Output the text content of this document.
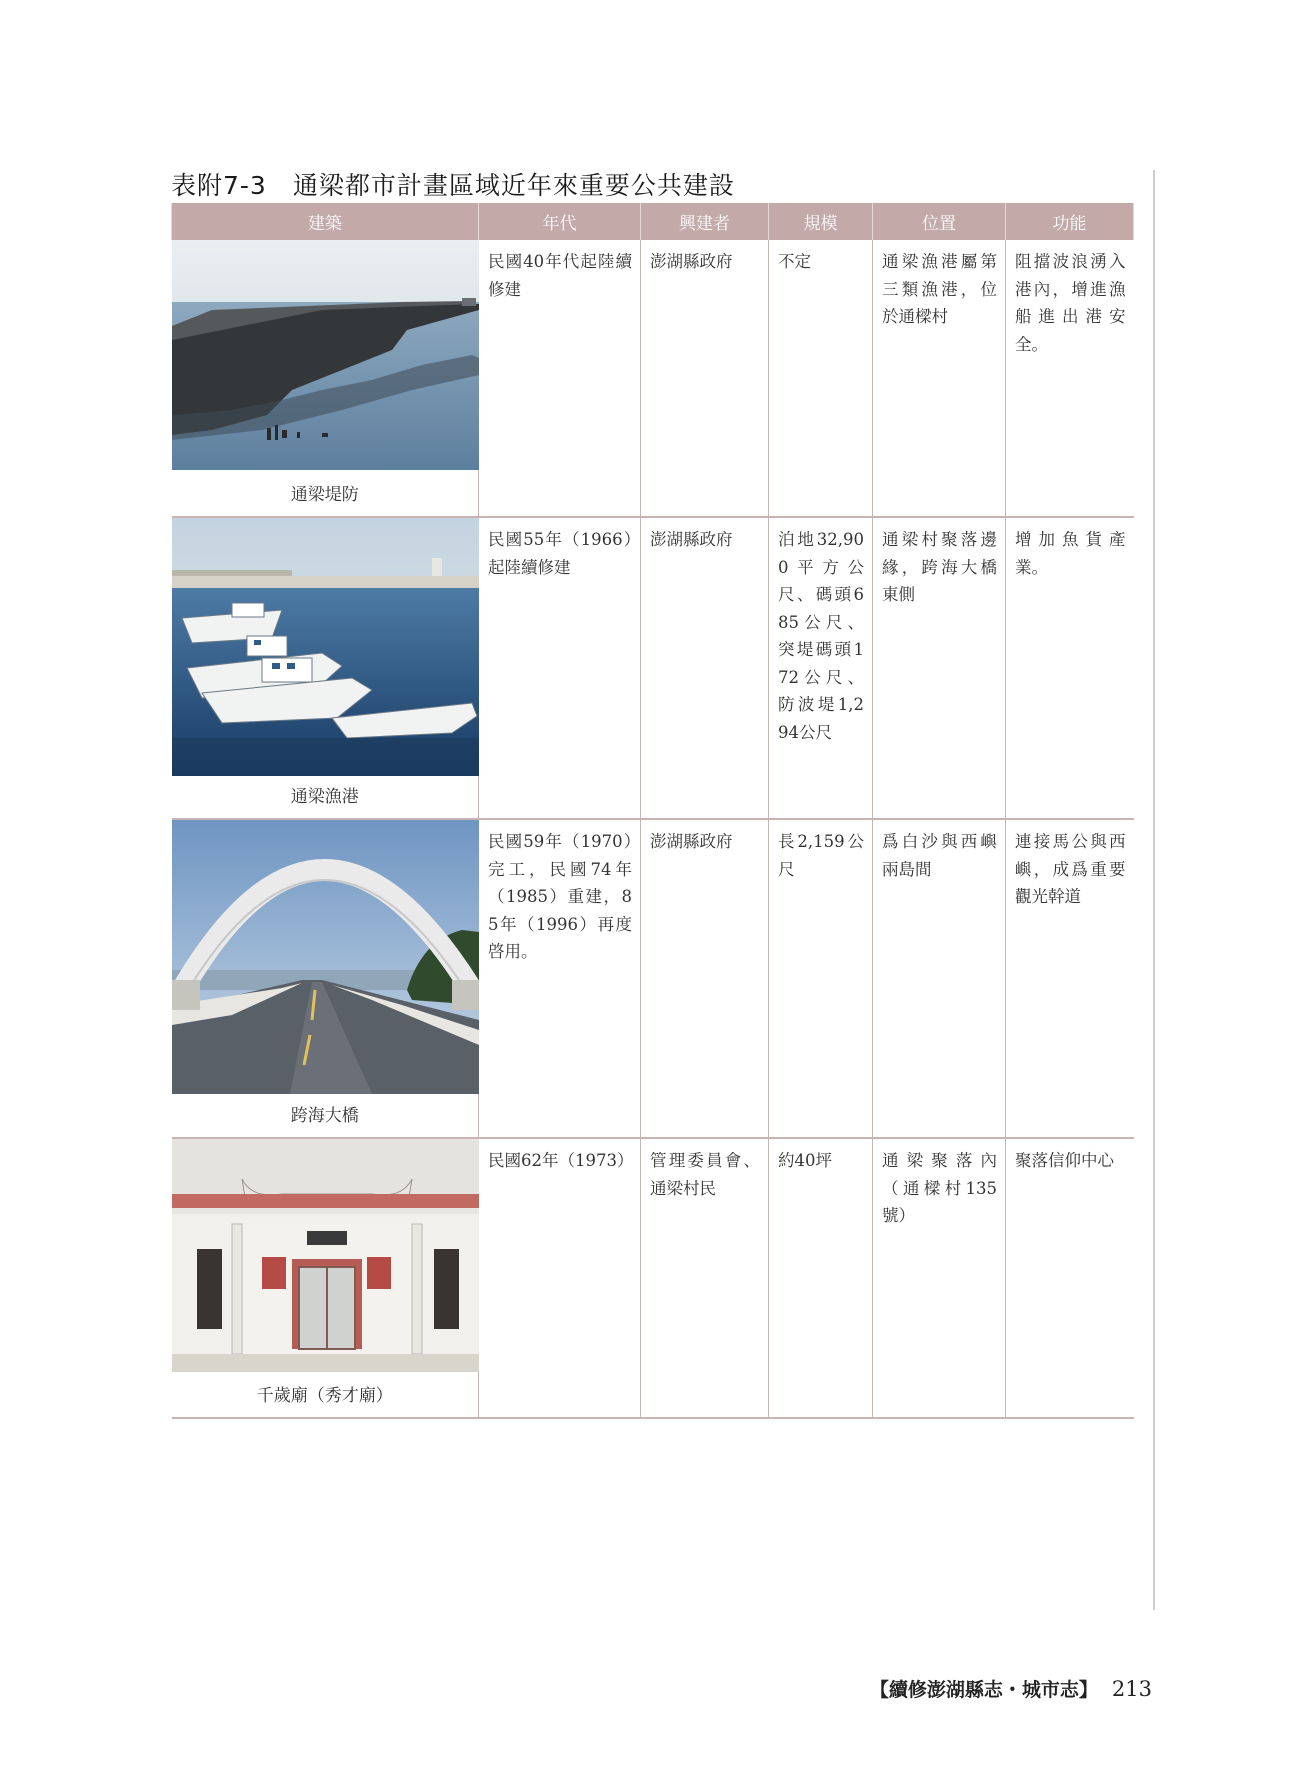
表附7-3 通梁都市計畫區域近年來重要公共建設
建築	年代	興建者	規模	位置	功能

通梁堤防	民國40年代起陸續修建	澎湖縣政府	不定	通梁漁港屬第三類漁港，位於通樑村	阻擋波浪湧入港內，增進漁船進出港安全。

通梁漁港	民國55年（1966）起陸續修建	澎湖縣政府	泊地32,900平方公尺、碼頭685公尺、突堤碼頭172公尺、防波堤1,294公尺	通梁村聚落邊緣，跨海大橋東側	增加魚貨產業。

跨海大橋	民國59年（1970）完工，民國74年（1985）重建，85年（1996）再度啓用。	澎湖縣政府	長2,159公尺	爲白沙與西嶼兩島間	連接馬公與西嶼，成爲重要觀光幹道

千歲廟（秀才廟）	民國62年（1973）	管理委員會、通梁村民	約40坪	通梁聚落內（通樑村135號）	聚落信仰中心
【續修澎湖縣志・城市志】 213
